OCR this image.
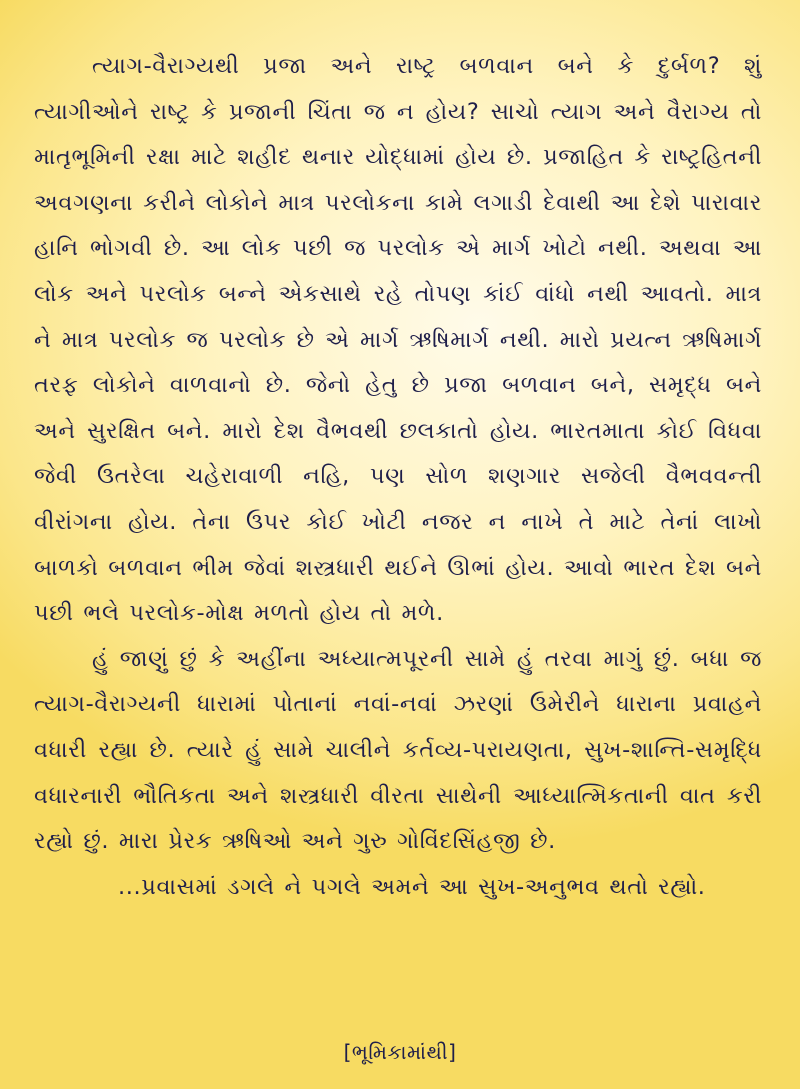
ત્યાગ-વૈરાગ્યથી પ્રજા અને રાષ્ટ્ર બળવાન બને કે દુર્બળ? શું ત્યાગીઓને રાષ્ટ્ર કે પ્રજાની ચિંતા જ ન હોય? સાચો ત્યાગ અને વૈરાગ્ય તો માતૃભૂમિની રક્ષા માટે શહીદ થનાર યોદ્ધામાં હોય છે. પ્રજાહિત કે રાષ્ટ્રહિતની અવગણના કરીને લોકોને માત્ર પરલોકના કામે લગાડી દેવાથી આ દેશે પારાવાર હાનિ ભોગવી છે. આ લોક પછી જ પરલોક એ માર્ગ ખોટો નથી. અથવા આ લોક અને પરલોક બન્ને એકસાથે રહે તોપણ કાંઈ વાંધો નથી આવતો. માત્ર ને માત્ર પરલોક જ પરલોક છે એ માર્ગ ઋષિમાર્ગ નથી. મારો પ્રયત્ન ઋષિમાર્ગ તરફ લોકોને વાળવાનો છે. જેનો હેતુ છે પ્રજા બળવાન બને, સમૃદ્ધ બને અને સુરક્ષિત બને. મારો દેશ વૈભવથી છલકાતો હોય. ભારતમાતા કોઈ વિધવા જેવી ઉતરેલા ચહેરાવાળી નહિ, પણ સોળ શણગાર સજેલી વૈભવવન્તી વીરાંગના હોય. તેના ઉપર કોઈ ખોટી નજર ન નાખે તે માટે તેનાં લાખો બાળકો બળવાન ભીમ જેવાં શસ્ત્રધારી થઈને ઊભાં હોય. આવો ભારત દેશ બને પછી ભલે પરલોક-મોક્ષ મળતો હોય તો મળે.

હું જાણું છું કે અહીંના અધ્યાત્મપૂરની સામે હું તરવા માગું છું. બધા જ ત્યાગ-વૈરાગ્યની ધારામાં પોતાનાં નવાં-નવાં ઝરણાં ઉમેરીને ધારાના પ્રવાહને વધારી રહ્યા છે. ત્યારે હું સામે ચાલીને કર્તવ્ય-પરાયણતા, સુખ-શાન્તિ-સમૃદ્ધિ વધારનારી ભૌતિકતા અને શસ્ત્રધારી વીરતા સાથેની આધ્યાત્મિકતાની વાત કરી રહ્યો છું. મારા પ્રેરક ઋષિઓ અને ગુરુ ગોવિંદસિંહજી છે.

...પ્રવાસમાં ડગલે ને પગલે અમને આ સુખ-અનુભવ થતો રહ્યો.

[ભૂમિકામાંથી]
